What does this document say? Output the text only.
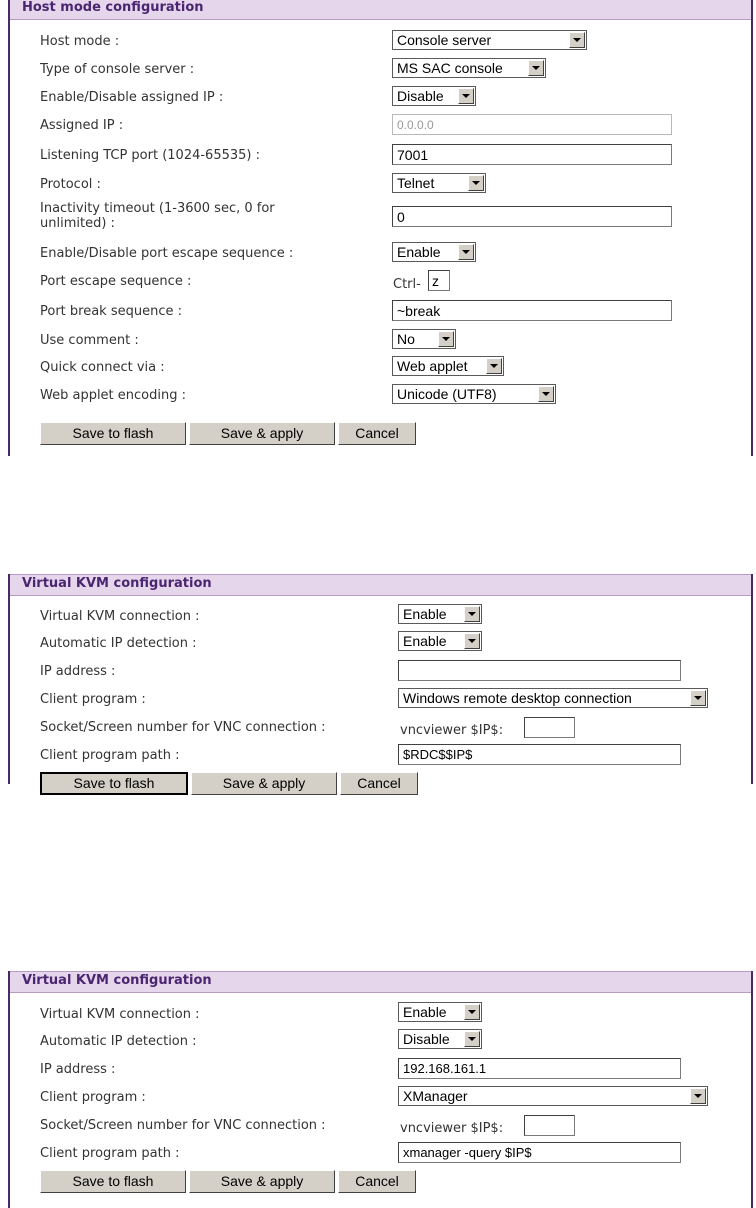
Host mode configuration
Host mode :	Console server
Type of console server :	MS SAC console
Enable/Disable assigned IP :	Disable
Assigned IP :	0.0.0.0
Listening TCP port (1024-65535) :	7001
Protocol :	Telnet
Inactivity timeout (1-3600 sec, 0 for
unlimited) :	0
Enable/Disable port escape sequence :	Enable
Port escape sequence :	Ctrl- z
Port break sequence :	~break
Use comment :	No
Quick connect via :	Web applet
Web applet encoding :	Unicode (UTF8)
Save to flash	Save & apply	Cancel
Virtual KVM configuration
Virtual KVM connection :	Enable
Automatic IP detection :	Enable
IP address :
Client program :	Windows remote desktop connection
Socket/Screen number for VNC connection :	vncviewer $IP$:
Client program path :	$RDC$$IP$
Save to flash	Save & apply	Cancel
Virtual KVM configuration
Virtual KVM connection :	Enable
Automatic IP detection :	Disable
IP address :	192.168.161.1
Client program :	XManager
Socket/Screen number for VNC connection :	vncviewer $IP$:
Client program path :	xmanager -query $IP$
Save to flash	Save & apply	Cancel
